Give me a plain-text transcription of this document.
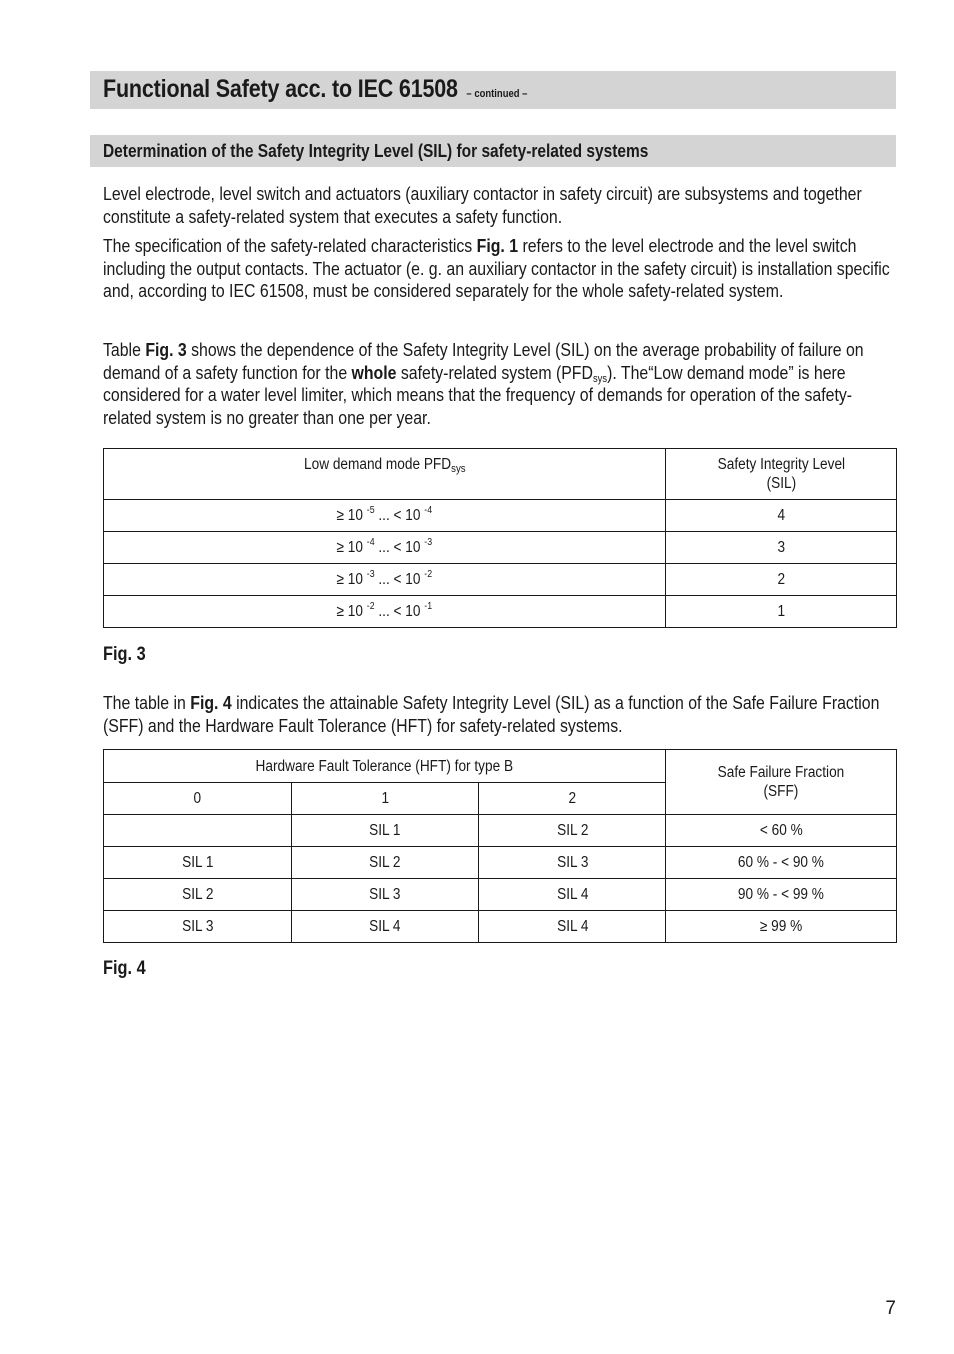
Functional Safety acc. to IEC 61508 – continued –
Determination of the Safety Integrity Level (SIL) for safety-related systems

Level electrode, level switch and actuators (auxiliary contactor in safety circuit) are subsystems and together constitute a safety-related system that executes a safety function.

The specification of the safety-related characteristics Fig. 1 refers to the level electrode and the level switch including the output contacts. The actuator (e. g. an auxiliary contactor in the safety circuit) is installation specific and, according to IEC 61508, must be considered separately for the whole safety-related system.

Table Fig. 3 shows the dependence of the Safety Integrity Level (SIL) on the average probability of failure on demand of a safety function for the whole safety-related system $(PFD_{sys})$. The“Low demand mode” is here considered for a water level limiter, which means that the frequency of demands for operation of the safety-related system is no greater than one per year.

Low demand mode $PFD_{sys}$	Safety Integrity Level
(SIL)
≥ 10 $^{-5}$ ... < 10 $^{-4}$	4
≥ 10 $^{-4}$ ... < 10 $^{-3}$	3
≥ 10 $^{-3}$ ... < 10 $^{-2}$	2
≥ 10 $^{-2}$ ... < 10 $^{-1}$	1
Fig. 3

The table in Fig. 4 indicates the attainable Safety Integrity Level (SIL) as a function of the Safe Failure Fraction (SFF) and the Hardware Fault Tolerance (HFT) for safety-related systems.

Hardware Fault Tolerance (HFT) for type B			Safe Failure Fraction
(SFF)
0	1	2	
	SIL 1	SIL 2	< 60 %
SIL 1	SIL 2	SIL 3	60 % - < 90 %
SIL 2	SIL 3	SIL 4	90 % - < 99 %
SIL 3	SIL 4	SIL 4	≥ 99 %
Fig. 4
7
